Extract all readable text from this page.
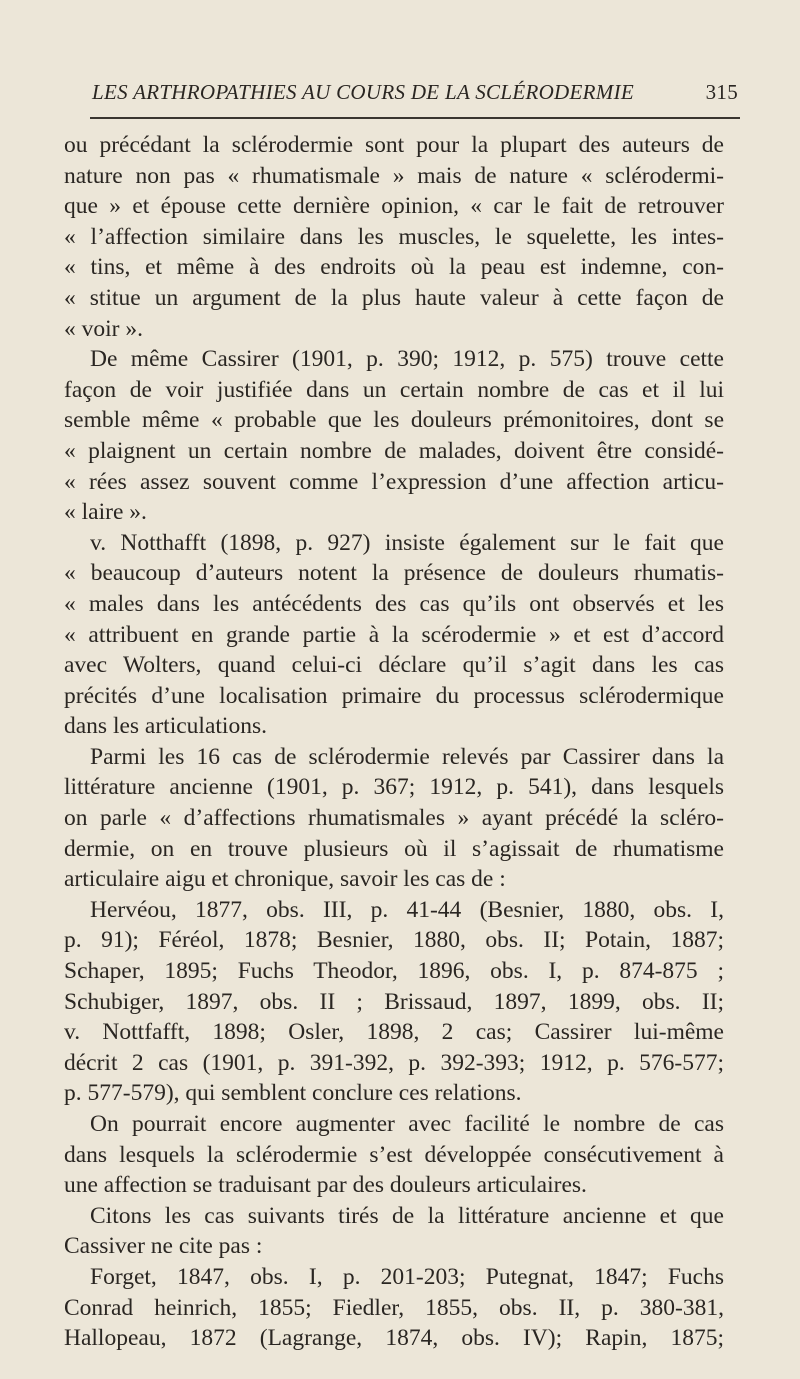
LES ARTHROPATHIES AU COURS DE LA SCLÉRODERMIE	315

ou précédant la sclérodermie sont pour la plupart des auteurs de

nature non pas « rhumatismale » mais de nature « sclérodermi-

que » et épouse cette dernière opinion, « car le fait de retrouver

« l’affection similaire dans les muscles, le squelette, les intes-

« tins, et même à des endroits où la peau est indemne, con-

« stitue un argument de la plus haute valeur à cette façon de

« voir ».

De même Cassirer (1901, p. 390; 1912, p. 575) trouve cette

façon de voir justifiée dans un certain nombre de cas et il lui

semble même « probable que les douleurs prémonitoires, dont se

« plaignent un certain nombre de malades, doivent être considé-

« rées assez souvent comme l’expression d’une affection articu-

« laire ».

v. Notthafft (1898, p. 927) insiste également sur le fait que

« beaucoup d’auteurs notent la présence de douleurs rhumatis-

« males dans les antécédents des cas qu’ils ont observés et les

« attribuent en grande partie à la scérodermie » et est d’accord

avec Wolters, quand celui-ci déclare qu’il s’agit dans les cas

précités d’une localisation primaire du processus sclérodermique

dans les articulations.

Parmi les 16 cas de sclérodermie relevés par Cassirer dans la

littérature ancienne (1901, p. 367; 1912, p. 541), dans lesquels

on parle « d’affections rhumatismales » ayant précédé la scléro-

dermie, on en trouve plusieurs où il s’agissait de rhumatisme

articulaire aigu et chronique, savoir les cas de :

Hervéou, 1877, obs. III, p. 41-44 (Besnier, 1880, obs. I,

p. 91); Féréol, 1878; Besnier, 1880, obs. II; Potain, 1887;

Schaper, 1895; Fuchs Theodor, 1896, obs. I, p. 874-875 ;

Schubiger, 1897, obs. II ; Brissaud, 1897, 1899, obs. II;

v. Nottfafft, 1898; Osler, 1898, 2 cas; Cassirer lui-même

décrit 2 cas (1901, p. 391-392, p. 392-393; 1912, p. 576-577;

p. 577-579), qui semblent conclure ces relations.

On pourrait encore augmenter avec facilité le nombre de cas

dans lesquels la sclérodermie s’est développée consécutivement à

une affection se traduisant par des douleurs articulaires.

Citons les cas suivants tirés de la littérature ancienne et que

Cassiver ne cite pas :

Forget, 1847, obs. I, p. 201-203; Putegnat, 1847; Fuchs

Conrad heinrich, 1855; Fiedler, 1855, obs. II, p. 380-381,

Hallopeau, 1872 (Lagrange, 1874, obs. IV); Rapin, 1875;
